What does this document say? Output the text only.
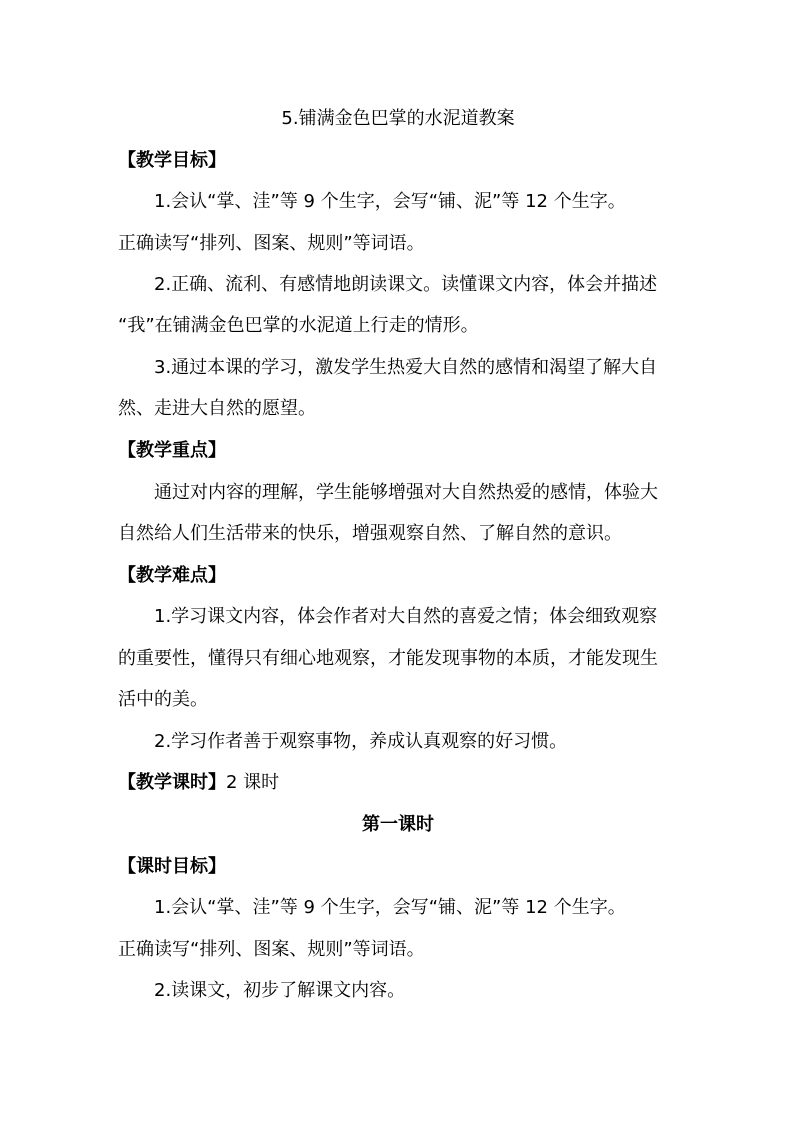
5.铺满金色巴掌的水泥道教案
【教学目标】
1.会认“掌、洼”等 9 个生字，会写“铺、泥”等 12 个生字。
正确读写“排列、图案、规则”等词语。
2.正确、流利、有感情地朗读课文。读懂课文内容，体会并描述
“我”在铺满金色巴掌的水泥道上行走的情形。
3.通过本课的学习，激发学生热爱大自然的感情和渴望了解大自
然、走进大自然的愿望。
【教学重点】
通过对内容的理解，学生能够增强对大自然热爱的感情，体验大
自然给人们生活带来的快乐，增强观察自然、了解自然的意识。
【教学难点】
1.学习课文内容，体会作者对大自然的喜爱之情；体会细致观察
的重要性，懂得只有细心地观察，才能发现事物的本质，才能发现生
活中的美。
2.学习作者善于观察事物，养成认真观察的好习惯。
【教学课时】2 课时
第一课时
【课时目标】
1.会认“掌、洼”等 9 个生字，会写“铺、泥”等 12 个生字。
正确读写“排列、图案、规则”等词语。
2.读课文，初步了解课文内容。
